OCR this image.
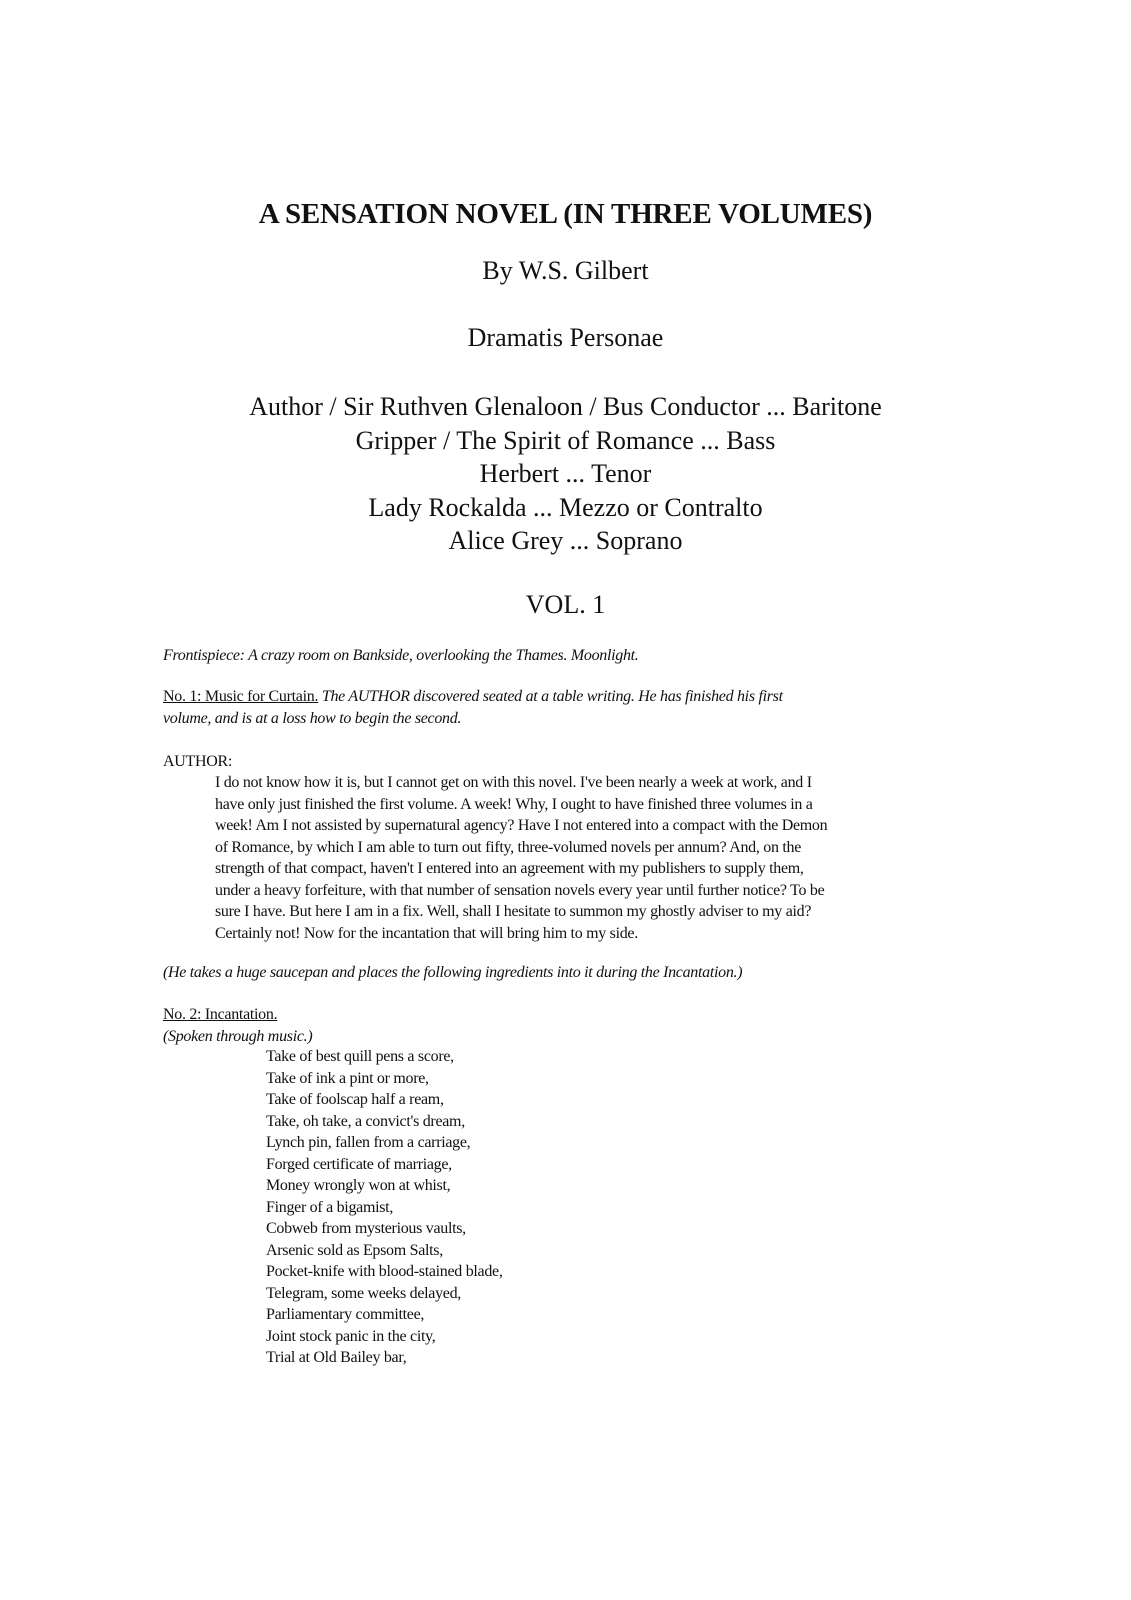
A SENSATION NOVEL (IN THREE VOLUMES)
By W.S. Gilbert
Dramatis Personae
Author / Sir Ruthven Glenaloon / Bus Conductor ... Baritone
Gripper / The Spirit of Romance ... Bass
Herbert ... Tenor
Lady Rockalda ... Mezzo or Contralto
Alice Grey ... Soprano
VOL. 1
Frontispiece: A crazy room on Bankside, overlooking the Thames. Moonlight.
No. 1: Music for Curtain. The AUTHOR discovered seated at a table writing. He has finished his first
volume, and is at a loss how to begin the second.
AUTHOR:
I do not know how it is, but I cannot get on with this novel. I've been nearly a week at work, and I
have only just finished the first volume. A week! Why, I ought to have finished three volumes in a
week! Am I not assisted by supernatural agency? Have I not entered into a compact with the Demon
of Romance, by which I am able to turn out fifty, three-volumed novels per annum? And, on the
strength of that compact, haven't I entered into an agreement with my publishers to supply them,
under a heavy forfeiture, with that number of sensation novels every year until further notice? To be
sure I have. But here I am in a fix. Well, shall I hesitate to summon my ghostly adviser to my aid?
Certainly not! Now for the incantation that will bring him to my side.
(He takes a huge saucepan and places the following ingredients into it during the Incantation.)
No. 2: Incantation.
(Spoken through music.)
Take of best quill pens a score,
Take of ink a pint or more,
Take of foolscap half a ream,
Take, oh take, a convict's dream,
Lynch pin, fallen from a carriage,
Forged certificate of marriage,
Money wrongly won at whist,
Finger of a bigamist,
Cobweb from mysterious vaults,
Arsenic sold as Epsom Salts,
Pocket-knife with blood-stained blade,
Telegram, some weeks delayed,
Parliamentary committee,
Joint stock panic in the city,
Trial at Old Bailey bar,
